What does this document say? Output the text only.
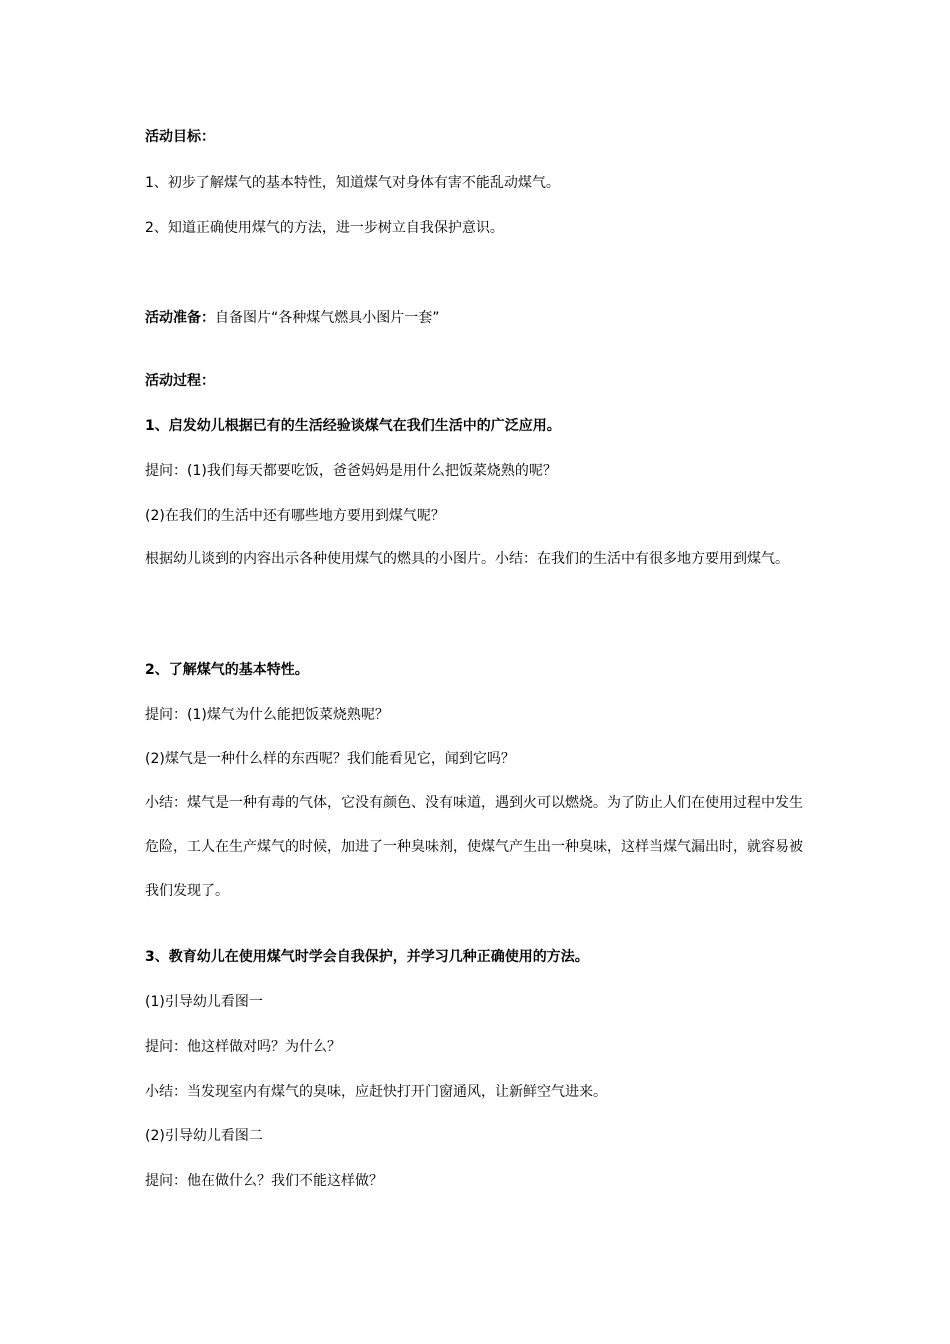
活动目标：
1、初步了解煤气的基本特性，知道煤气对身体有害不能乱动煤气。
2、知道正确使用煤气的方法，进一步树立自我保护意识。
活动准备：自备图片“各种煤气燃具小图片一套”
活动过程：
1、启发幼儿根据已有的生活经验谈煤气在我们生活中的广泛应用。
提问：(1)我们每天都要吃饭，爸爸妈妈是用什么把饭菜烧熟的呢？
(2)在我们的生活中还有哪些地方要用到煤气呢？
根据幼儿谈到的内容出示各种使用煤气的燃具的小图片。小结：在我们的生活中有很多地方要用到煤气。
2、了解煤气的基本特性。
提问：(1)煤气为什么能把饭菜烧熟呢？
(2)煤气是一种什么样的东西呢？我们能看见它，闻到它吗？
小结：煤气是一种有毒的气体，它没有颜色、没有味道，遇到火可以燃烧。为了防止人们在使用过程中发生危险，工人在生产煤气的时候，加进了一种臭味剂，使煤气产生出一种臭味，这样当煤气漏出时，就容易被我们发现了。
3、教育幼儿在使用煤气时学会自我保护，并学习几种正确使用的方法。
(1)引导幼儿看图一
提问：他这样做对吗？为什么？
小结：当发现室内有煤气的臭味，应赶快打开门窗通风，让新鲜空气进来。
(2)引导幼儿看图二
提问：他在做什么？我们不能这样做？
